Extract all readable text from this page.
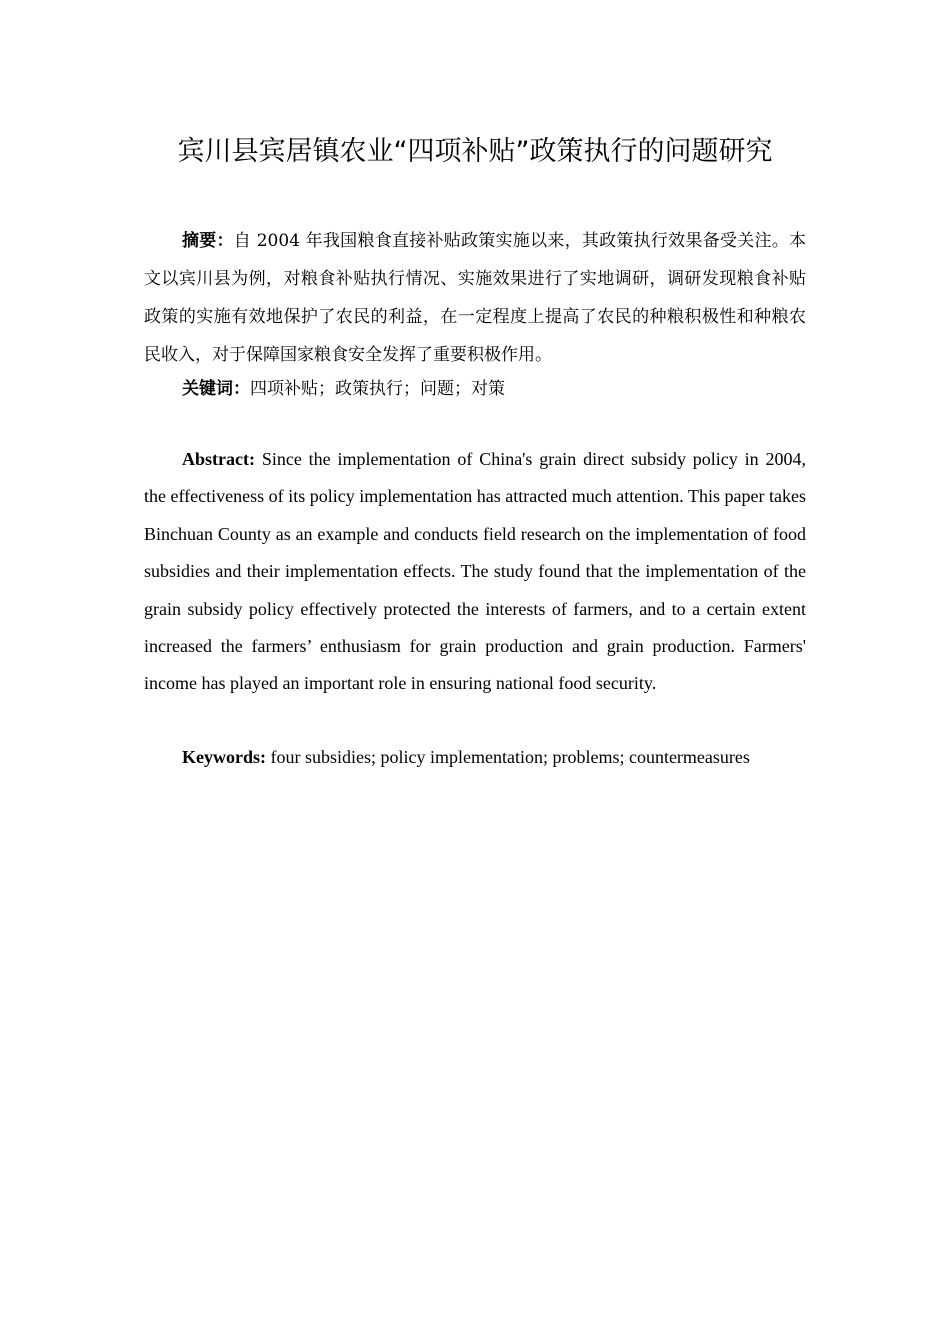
宾川县宾居镇农业“四项补贴”政策执行的问题研究

摘要：自 2004 年我国粮食直接补贴政策实施以来，其政策执行效果备受关注。本文以宾川县为例，对粮食补贴执行情况、实施效果进行了实地调研，调研发现粮食补贴政策的实施有效地保护了农民的利益，在一定程度上提高了农民的种粮积极性和种粮农民收入，对于保障国家粮食安全发挥了重要积极作用。

关键词：四项补贴；政策执行；问题；对策

Abstract: Since the implementation of China's grain direct subsidy policy in 2004, the effectiveness of its policy implementation has attracted much attention. This paper takes Binchuan County as an example and conducts field research on the implementation of food subsidies and their implementation effects. The study found that the implementation of the grain subsidy policy effectively protected the interests of farmers, and to a certain extent increased the farmers’ enthusiasm for grain production and grain production. Farmers' income has played an important role in ensuring national food security.

Keywords: four subsidies; policy implementation; problems; countermeasures
